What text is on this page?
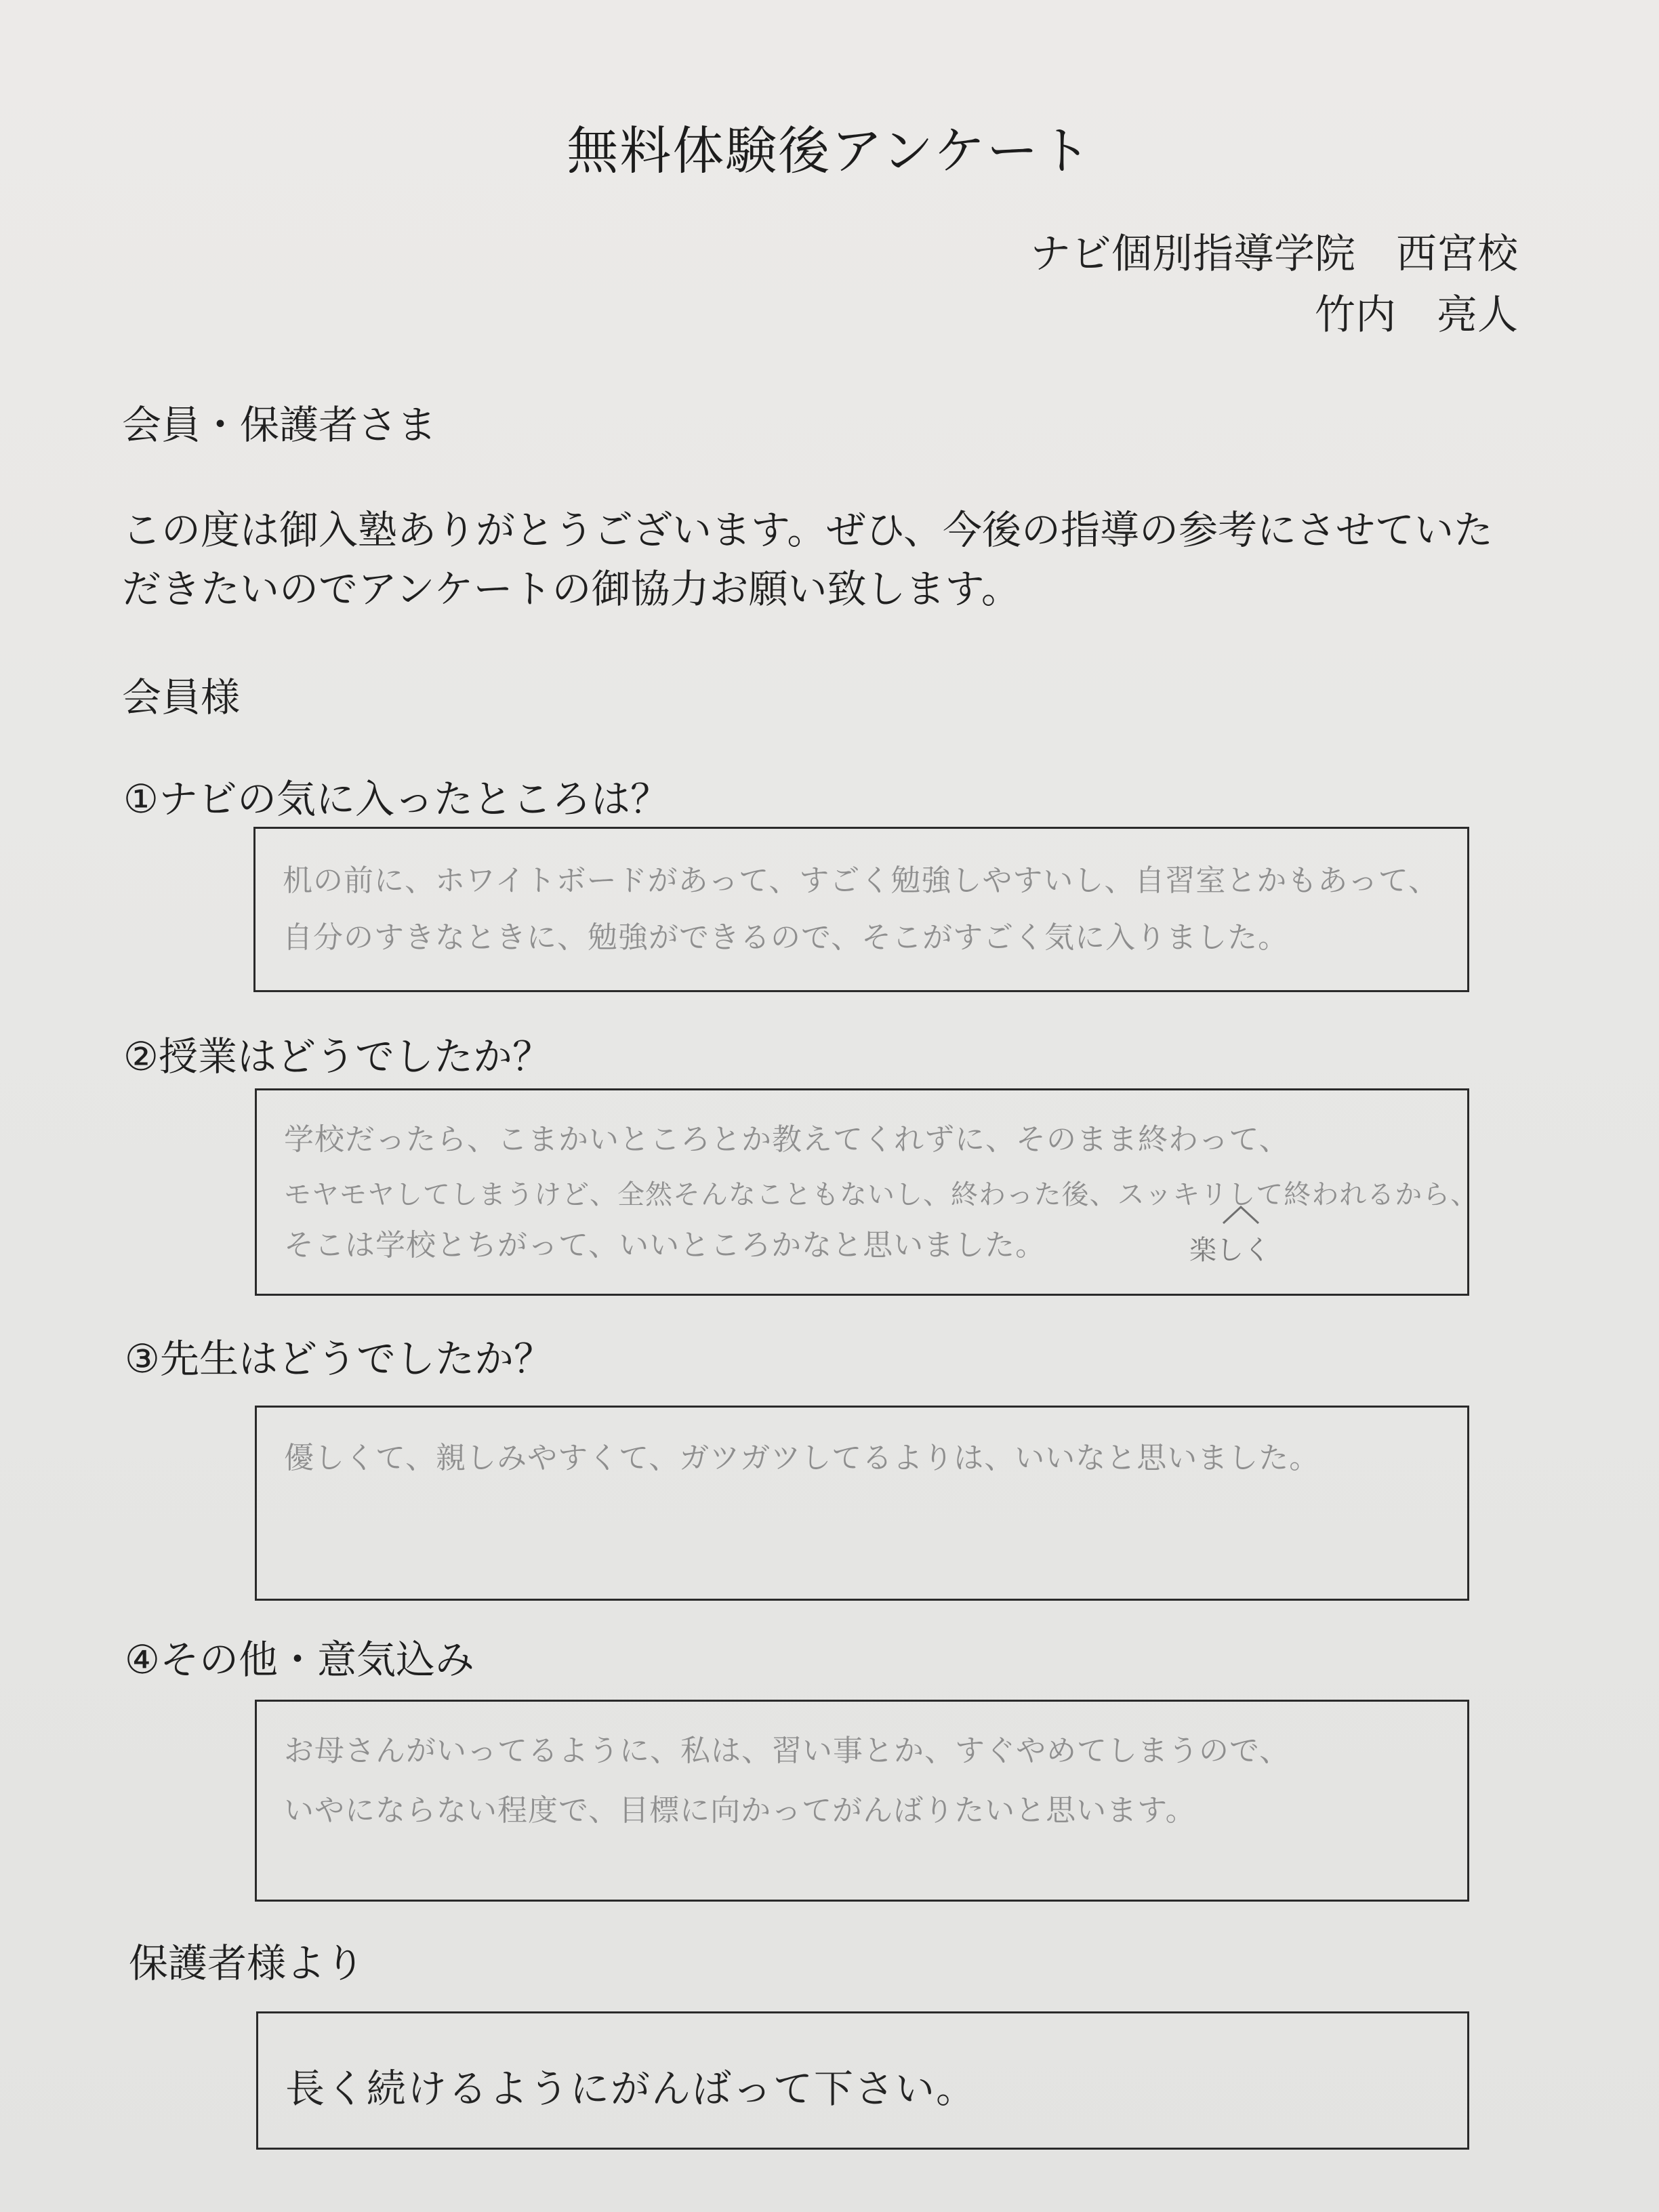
無料体験後アンケート
ナビ個別指導学院　西宮校
竹内　亮人
会員・保護者さま
この度は御入塾ありがとうございます。ぜひ、今後の指導の参考にさせていた
だきたいのでアンケートの御協力お願い致します。
会員様
①ナビの気に入ったところは？
机の前に、ホワイトボードがあって、すごく勉強しやすいし、自習室とかもあって、
自分のすきなときに、勉強ができるので、そこがすごく気に入りました。
②授業はどうでしたか？
学校だったら、こまかいところとか教えてくれずに、そのまま終わって、
モヤモヤしてしまうけど、全然そんなこともないし、終わった後、スッキリして終われるから、
そこは学校とちがって、いいところかなと思いました。	楽しく
③先生はどうでしたか？
優しくて、親しみやすくて、ガツガツしてるよりは、いいなと思いました。
④その他・意気込み
お母さんがいってるように、私は、習い事とか、すぐやめてしまうので、
いやにならない程度で、目標に向かってがんばりたいと思います。
保護者様より
長く続けるようにがんばって下さい。
